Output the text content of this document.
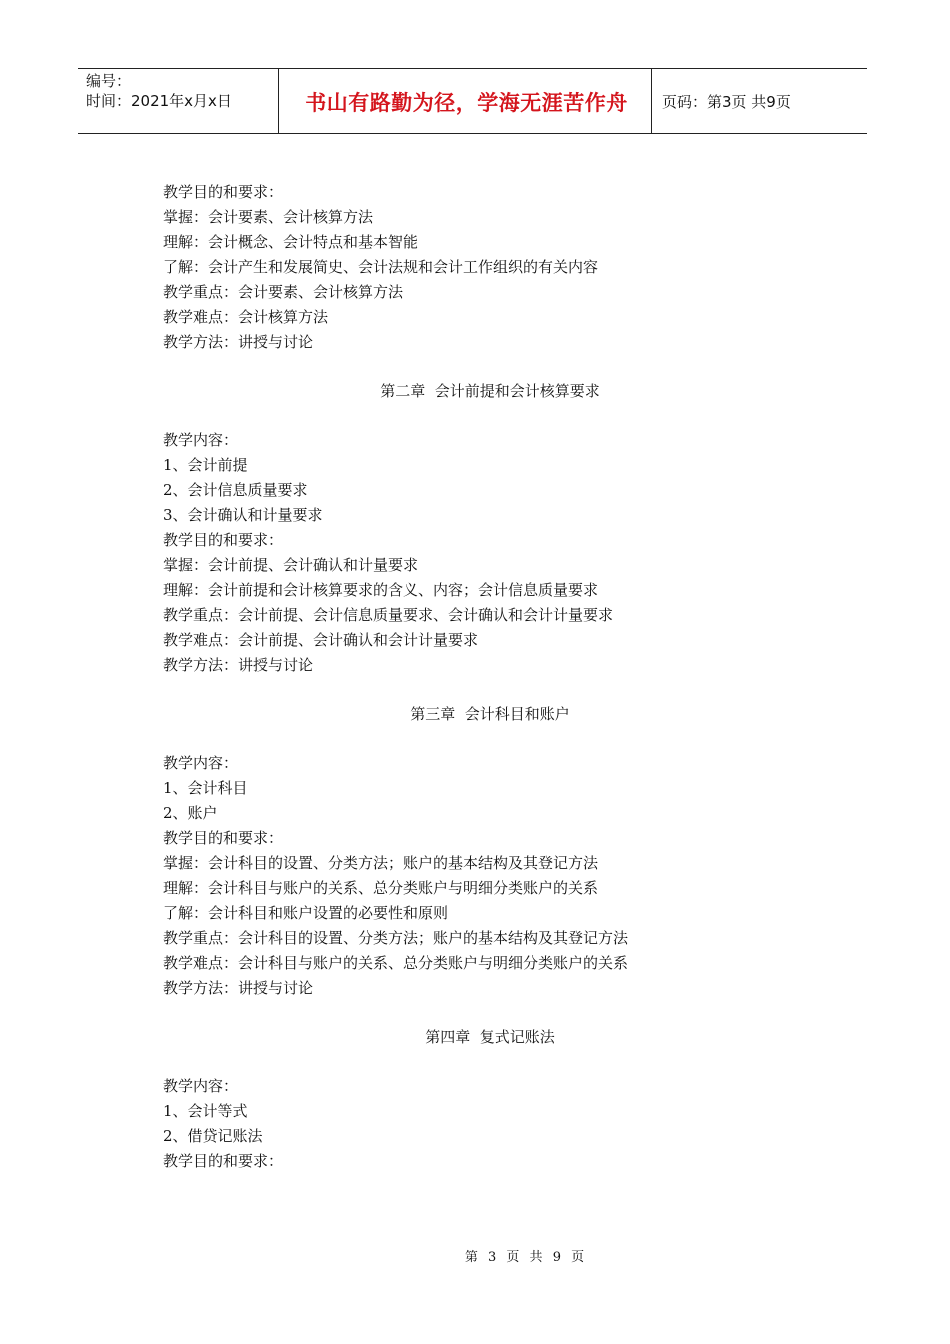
编号：
时间：2021年x月x日	书山有路勤为径，学海无涯苦作舟	页码：第3页 共9页
教学目的和要求：
掌握：会计要素、会计核算方法
理解：会计概念、会计特点和基本智能
了解：会计产生和发展简史、会计法规和会计工作组织的有关内容
教学重点：会计要素、会计核算方法
教学难点：会计核算方法
教学方法：讲授与讨论
第二章  会计前提和会计核算要求
教学内容：
1、会计前提
2、会计信息质量要求
3、会计确认和计量要求
教学目的和要求：
掌握：会计前提、会计确认和计量要求
理解：会计前提和会计核算要求的含义、内容；会计信息质量要求
教学重点：会计前提、会计信息质量要求、会计确认和会计计量要求
教学难点：会计前提、会计确认和会计计量要求
教学方法：讲授与讨论
第三章  会计科目和账户
教学内容：
1、会计科目
2、账户
教学目的和要求：
掌握：会计科目的设置、分类方法；账户的基本结构及其登记方法
理解：会计科目与账户的关系、总分类账户与明细分类账户的关系
了解：会计科目和账户设置的必要性和原则
教学重点：会计科目的设置、分类方法；账户的基本结构及其登记方法
教学难点：会计科目与账户的关系、总分类账户与明细分类账户的关系
教学方法：讲授与讨论
第四章  复式记账法
教学内容：
1、会计等式
2、借贷记账法
教学目的和要求：
第 3 页 共 9 页
